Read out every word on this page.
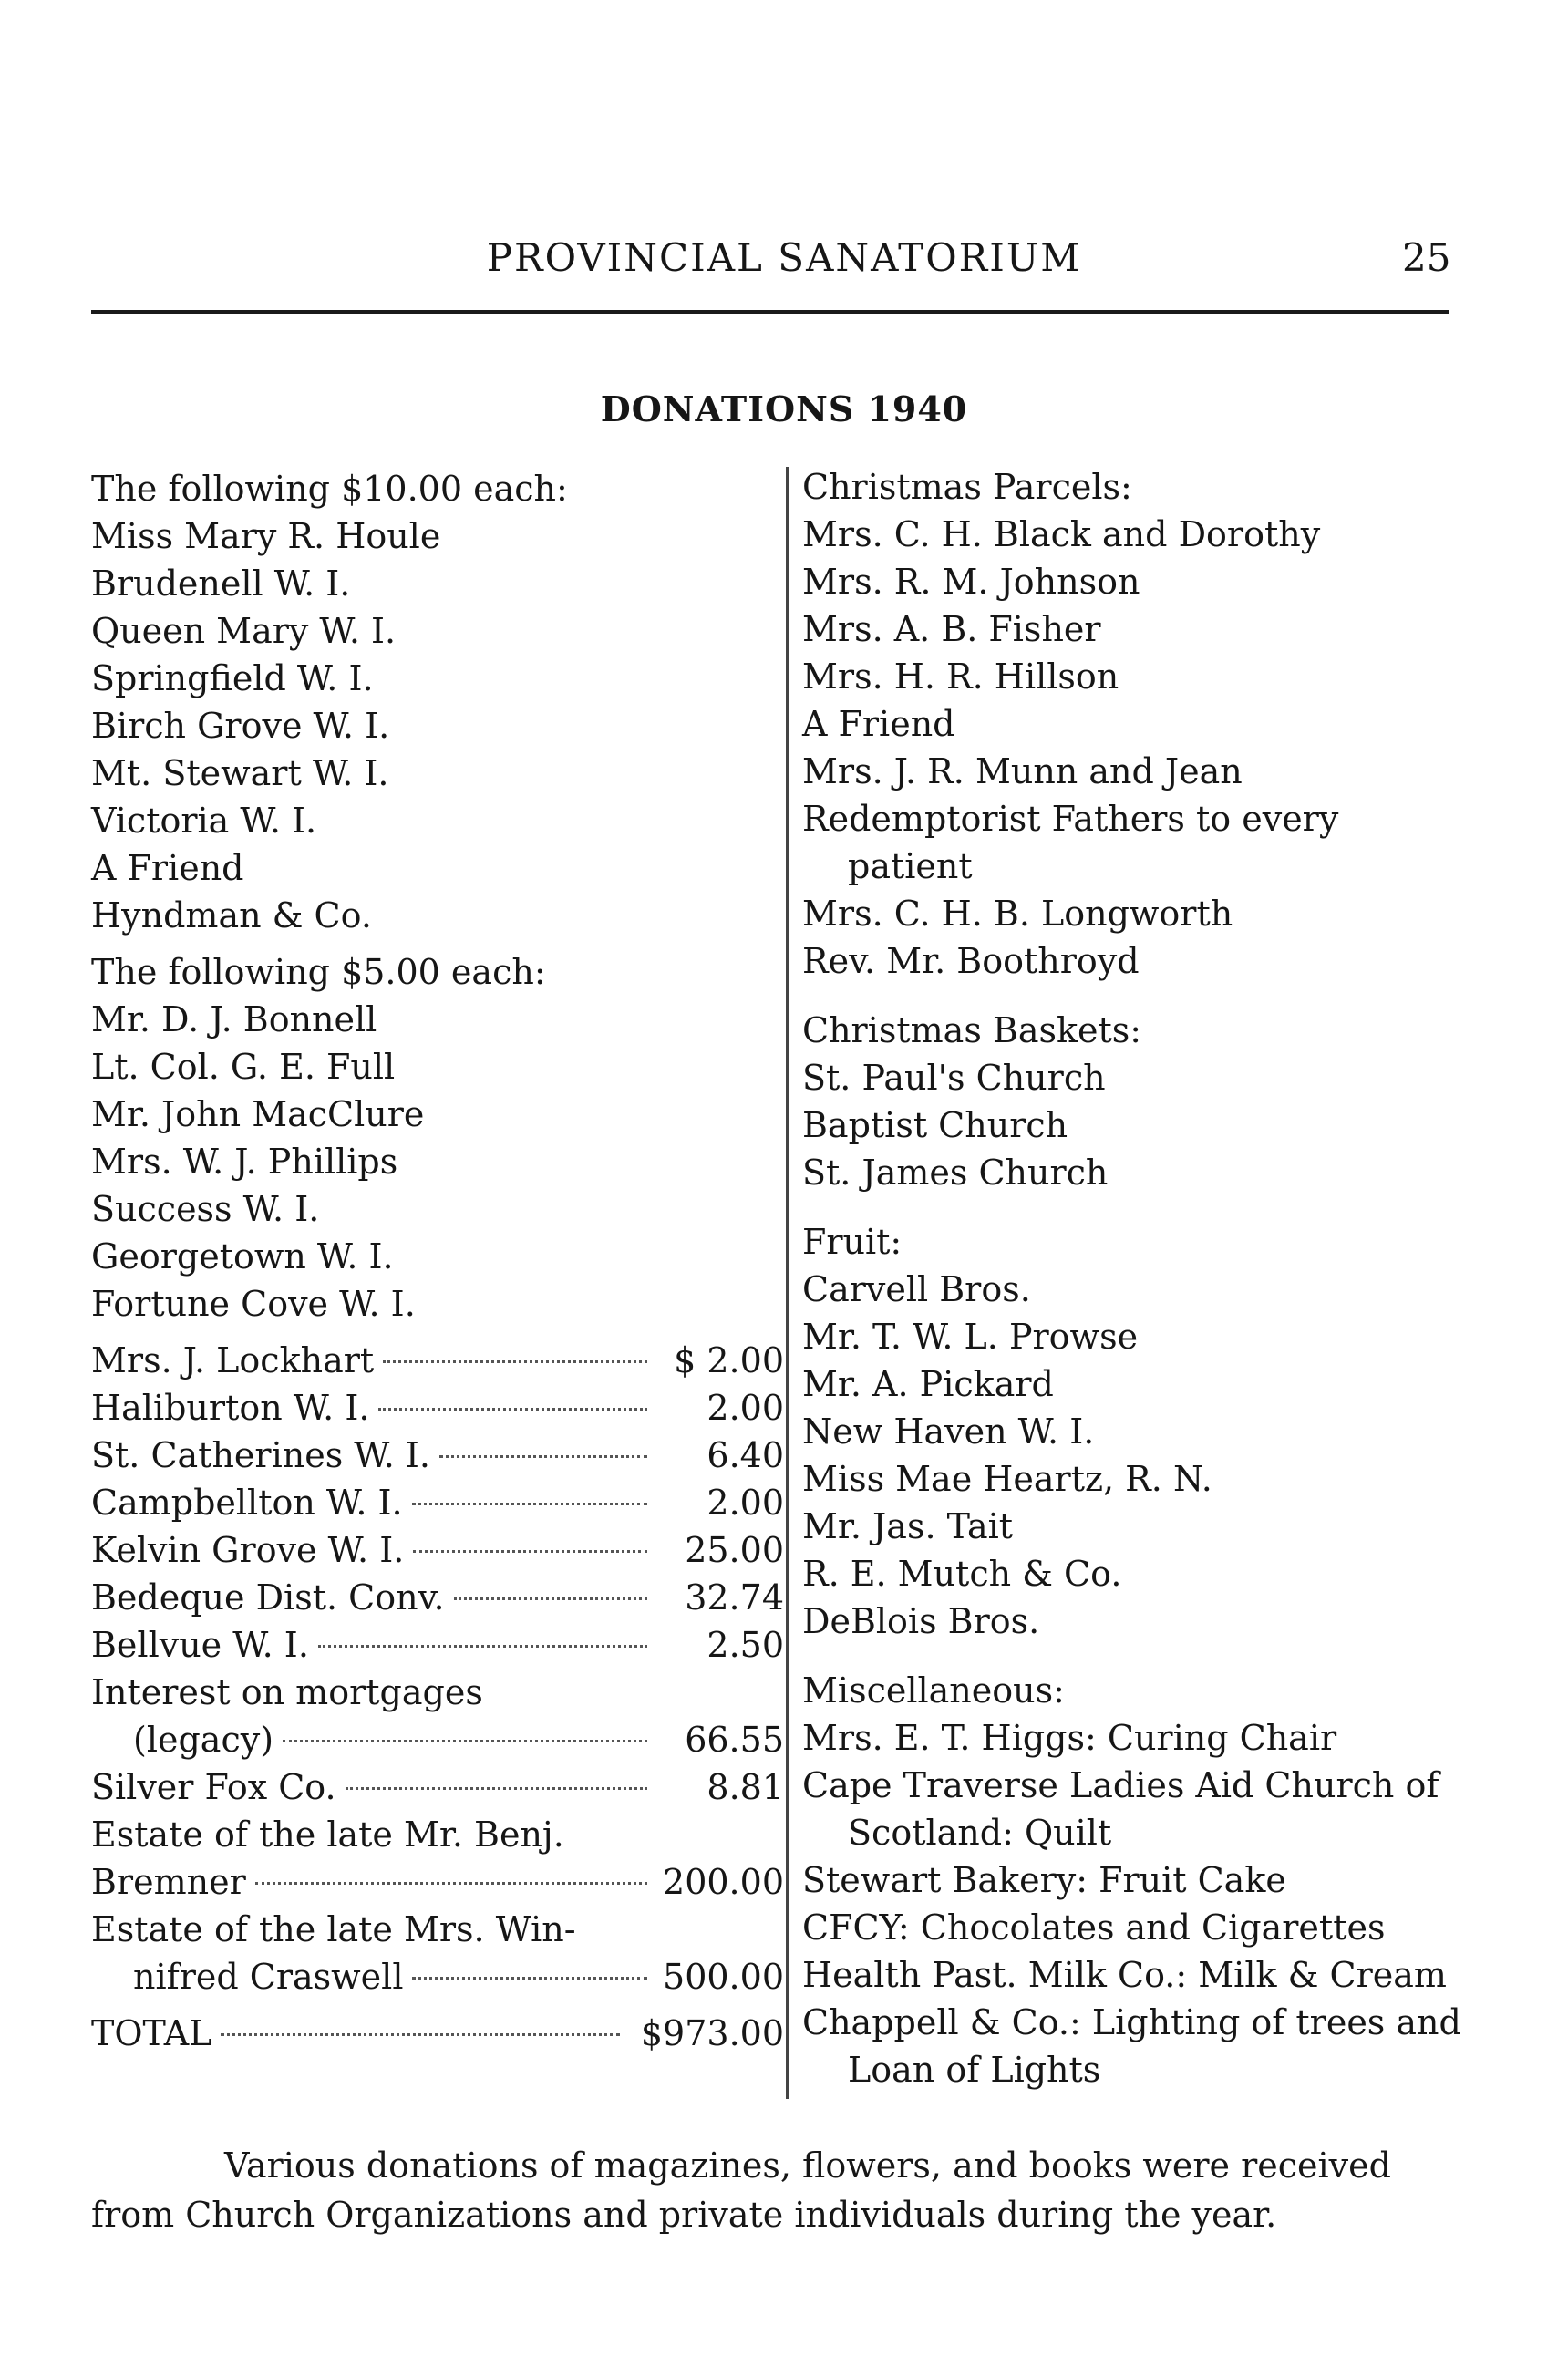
PROVINCIAL SANATORIUM	25
DONATIONS 1940
The following $10.00 each:
Miss Mary R. Houle
Brudenell W. I.
Queen Mary W. I.
Springfield W. I.
Birch Grove W. I.
Mt. Stewart W. I.
Victoria W. I.
A Friend
Hyndman & Co.
The following $5.00 each:
Mr. D. J. Bonnell
Lt. Col. G. E. Full
Mr. John MacClure
Mrs. W. J. Phillips
Success W. I.
Georgetown W. I.
Fortune Cove W. I.
Mrs. J. Lockhart	$ 2.00
Haliburton W. I.	2.00
St. Catherines W. I.	6.40
Campbellton W. I.	2.00
Kelvin Grove W. I.	25.00
Bedeque Dist. Conv.	32.74
Bellvue W. I.	2.50
Interest on mortgages
(legacy)	66.55
Silver Fox Co.	8.81
Estate of the late Mr. Benj.
Bremner	200.00
Estate of the late Mrs. Win-
nifred Craswell	500.00
TOTAL	$973.00
Christmas Parcels:
Mrs. C. H. Black and Dorothy
Mrs. R. M. Johnson
Mrs. A. B. Fisher
Mrs. H. R. Hillson
A Friend
Mrs. J. R. Munn and Jean
Redemptorist Fathers to every
patient
Mrs. C. H. B. Longworth
Rev. Mr. Boothroyd
Christmas Baskets:
St. Paul's Church
Baptist Church
St. James Church
Fruit:
Carvell Bros.
Mr. T. W. L. Prowse
Mr. A. Pickard
New Haven W. I.
Miss Mae Heartz, R. N.
Mr. Jas. Tait
R. E. Mutch & Co.
DeBlois Bros.
Miscellaneous:
Mrs. E. T. Higgs: Curing Chair
Cape Traverse Ladies Aid Church of
Scotland: Quilt
Stewart Bakery: Fruit Cake
CFCY: Chocolates and Cigarettes
Health Past. Milk Co.: Milk & Cream
Chappell & Co.: Lighting of trees and
Loan of Lights
Various donations of magazines, flowers, and books were received from Church Organizations and private individuals during the year.
